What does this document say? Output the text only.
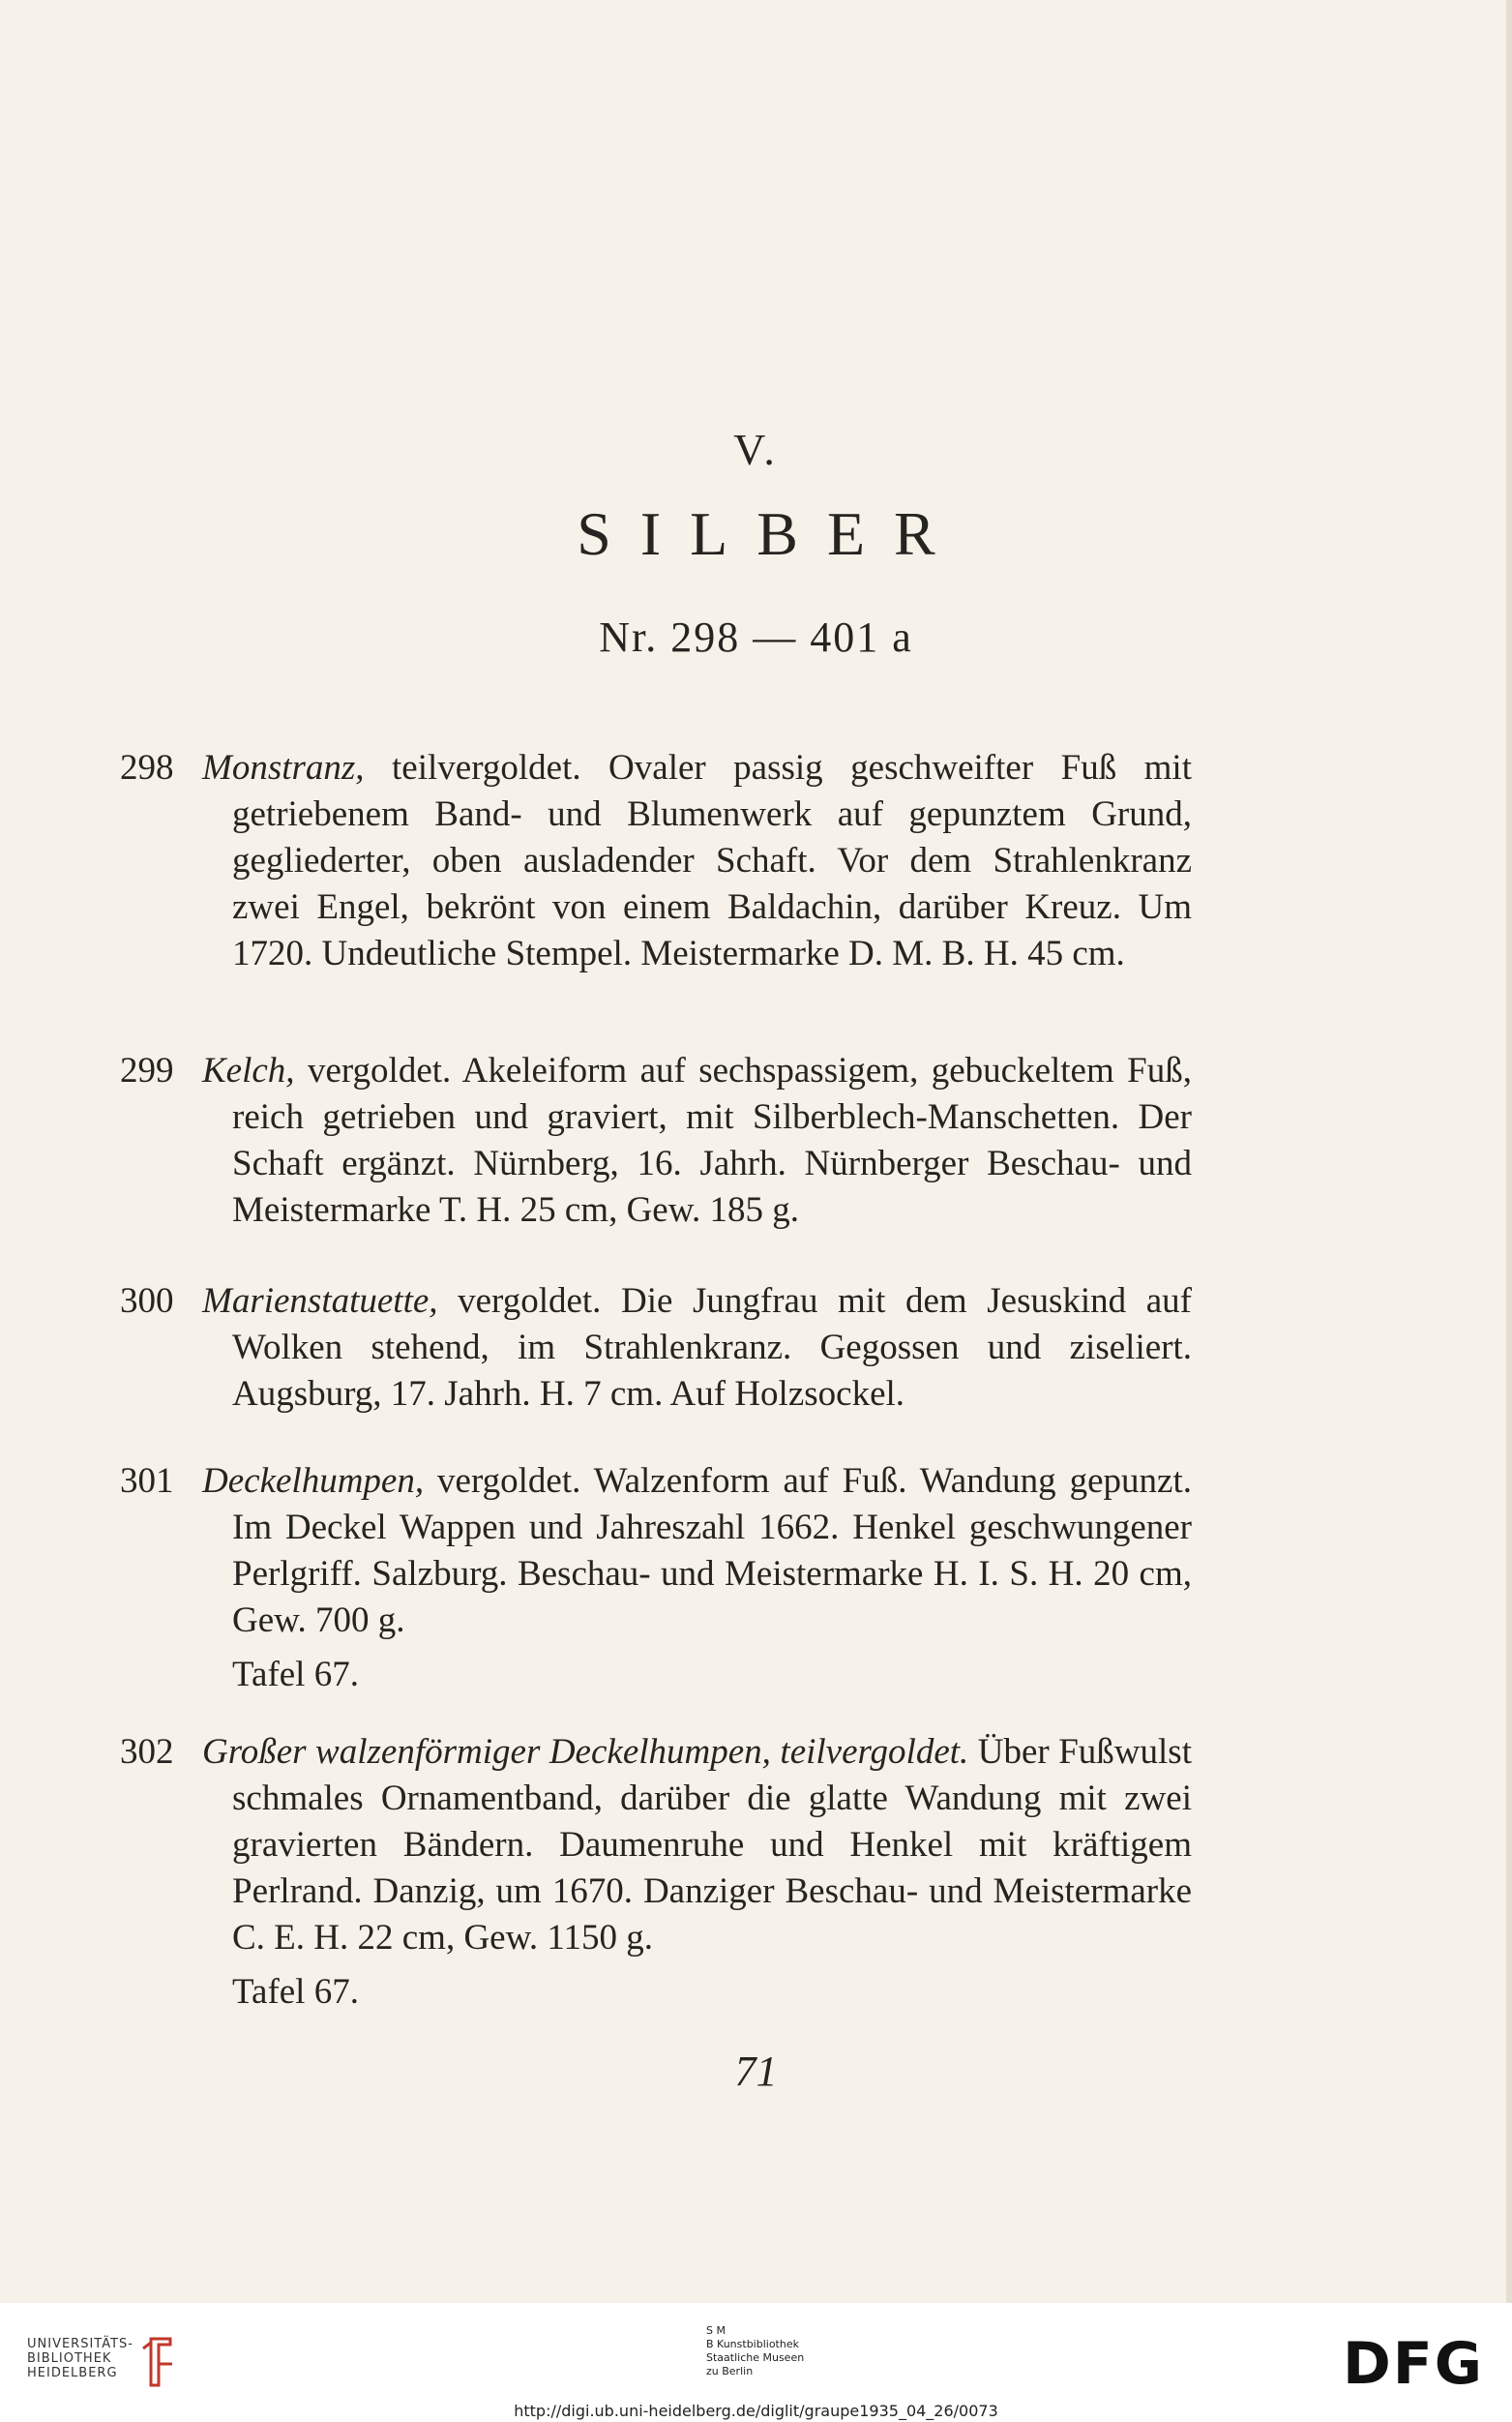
V.
SILBER
Nr. 298 — 401 a
298 Monstranz, teilvergoldet. Ovaler passig geschweifter Fuß mit getriebenem Band- und Blumenwerk auf gepunztem Grund, gegliederter, oben ausladender Schaft. Vor dem Strahlenkranz zwei Engel, bekrönt von einem Baldachin, darüber Kreuz. Um 1720. Undeutliche Stempel. Meistermarke D. M. B. H. 45 cm.
299 Kelch, vergoldet. Akeleiform auf sechspassigem, gebuckeltem Fuß, reich getrieben und graviert, mit Silberblech-Manschetten. Der Schaft ergänzt. Nürnberg, 16. Jahrh. Nürnberger Beschau- und Meistermarke T. H. 25 cm, Gew. 185 g.
300 Marienstatuette, vergoldet. Die Jungfrau mit dem Jesuskind auf Wolken stehend, im Strahlenkranz. Gegossen und ziseliert. Augsburg, 17. Jahrh. H. 7 cm. Auf Holzsockel.
301 Deckelhumpen, vergoldet. Walzenform auf Fuß. Wandung gepunzt. Im Deckel Wappen und Jahreszahl 1662. Henkel geschwungener Perlgriff. Salzburg. Beschau- und Meistermarke H. I. S. H. 20 cm, Gew. 700 g.
Tafel 67.
302 Großer walzenförmiger Deckelhumpen, teilvergoldet. Über Fußwulst schmales Ornamentband, darüber die glatte Wandung mit zwei gravierten Bändern. Daumenruhe und Henkel mit kräftigem Perlrand. Danzig, um 1670. Danziger Beschau- und Meistermarke C. E. H. 22 cm, Gew. 1150 g.
Tafel 67.
71
UNIVERSITÄTS-
BIBLIOTHEK
HEIDELBERG
S M
B Kunstbibliothek
Staatliche Museen
zu Berlin	DFG
http://digi.ub.uni-heidelberg.de/diglit/graupe1935_04_26/0073
